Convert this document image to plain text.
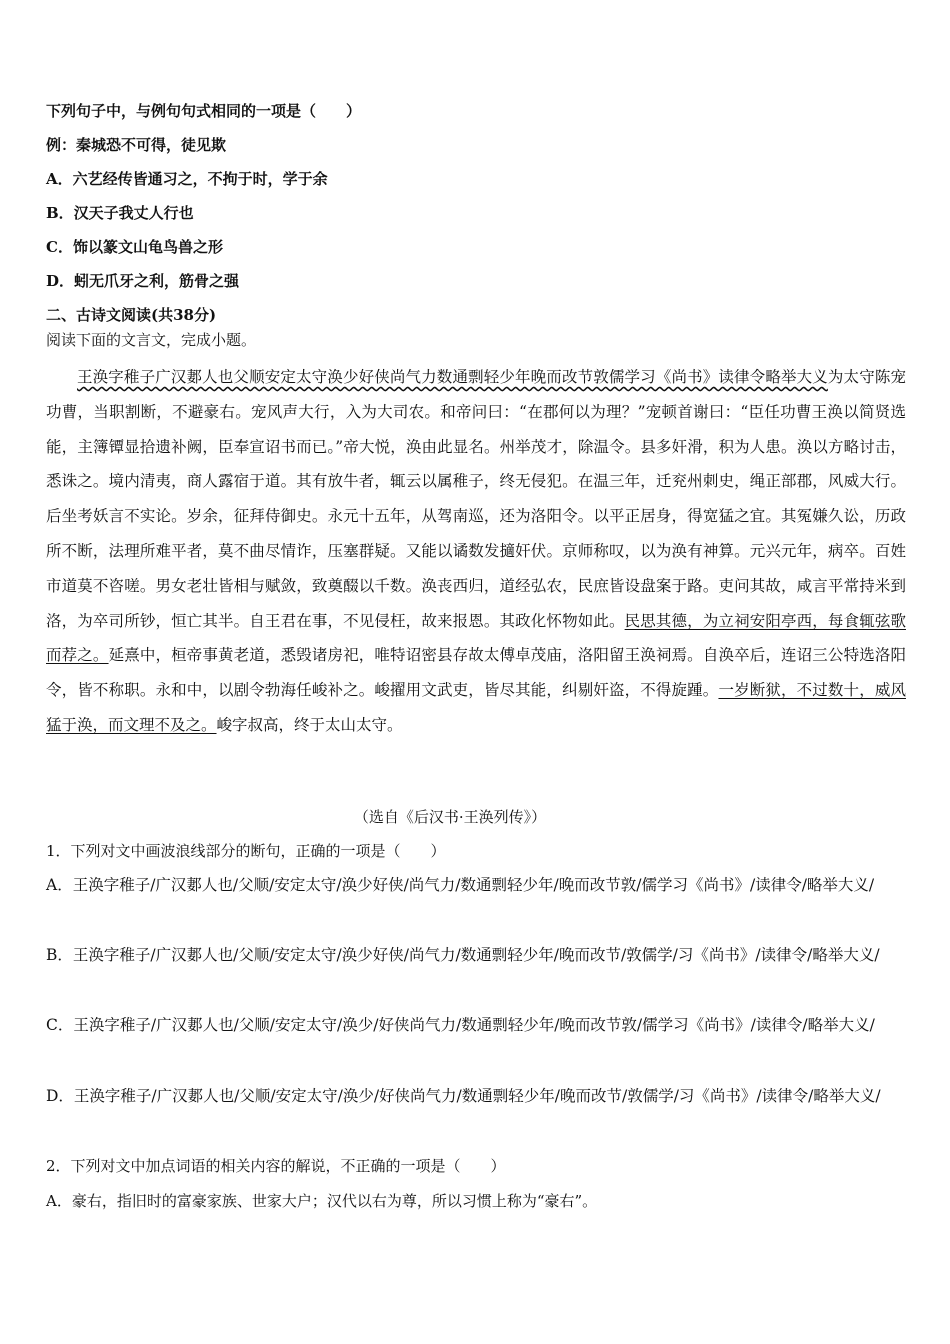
下列句子中，与例句句式相同的一项是（　　）
例：秦城恐不可得，徒见欺
A．六艺经传皆通习之，不拘于时，学于余
B．汉天子我丈人行也
C．饰以篆文山龟鸟兽之形
D．蚓无爪牙之利，筋骨之强
二、古诗文阅读(共38分)
阅读下面的文言文，完成小题。

王涣字稚子广汉郪人也父顺安定太守涣少好侠尚气力数通剽轻少年晚而改节敦儒学习《尚书》读律令略举大义为太守陈宠功曹，当职割断，不避豪右。宠风声大行，入为大司农。和帝问曰：“在郡何以为理？”宠顿首谢曰：“臣任功曹王涣以简贤选能，主簿镡显拾遗补阙，臣奉宣诏书而已。”帝大悦，涣由此显名。州举茂才，除温令。县多奸滑，积为人患。涣以方略讨击，悉诛之。境内清夷，商人露宿于道。其有放牛者，辄云以属稚子，终无侵犯。在温三年，迁兖州刺史，绳正部郡，风威大行。后坐考妖言不实论。岁余，征拜侍御史。永元十五年，从驾南巡，还为洛阳令。以平正居身，得宽猛之宜。其冤嫌久讼，历政所不断，法理所难平者，莫不曲尽情诈，压塞群疑。又能以谲数发擿奸伏。京师称叹，以为涣有神算。元兴元年，病卒。百姓市道莫不咨嗟。男女老壮皆相与赋敛，致奠醊以千数。涣丧西归，道经弘农，民庶皆设盘案于路。吏问其故，咸言平常持米到洛，为卒司所钞，恒亡其半。自王君在事，不见侵枉，故来报恩。其政化怀物如此。民思其德，为立祠安阳亭西，每食辄弦歌而荐之。延熹中，桓帝事黄老道，悉毁诸房祀，唯特诏密县存故太傅卓茂庙，洛阳留王涣祠焉。自涣卒后，连诏三公特选洛阳令，皆不称职。永和中，以剧令勃海任峻补之。峻擢用文武吏，皆尽其能，纠剔奸盗，不得旋踵。一岁断狱，不过数十，威风猛于涣，而文理不及之。峻字叔高，终于太山太守。

（选自《后汉书·王涣列传》）
1．下列对文中画波浪线部分的断句，正确的一项是（　　）

A．王涣字稚子/广汉郪人也/父顺/安定太守/涣少好侠/尚气力/数通剽轻少年/晚而改节敦/儒学习《尚书》/读律令/略举大义/

B．王涣字稚子/广汉郪人也/父顺/安定太守/涣少好侠/尚气力/数通剽轻少年/晚而改节/敦儒学/习《尚书》/读律令/略举大义/

C．王涣字稚子/广汉郪人也/父顺/安定太守/涣少/好侠尚气力/数通剽轻少年/晚而改节敦/儒学习《尚书》/读律令/略举大义/

D．王涣字稚子/广汉郪人也/父顺/安定太守/涣少/好侠尚气力/数通剽轻少年/晚而改节/敦儒学/习《尚书》/读律令/略举大义/

2．下列对文中加点词语的相关内容的解说，不正确的一项是（　　）
A．豪右，指旧时的富豪家族、世家大户；汉代以右为尊，所以习惯上称为“豪右”。
